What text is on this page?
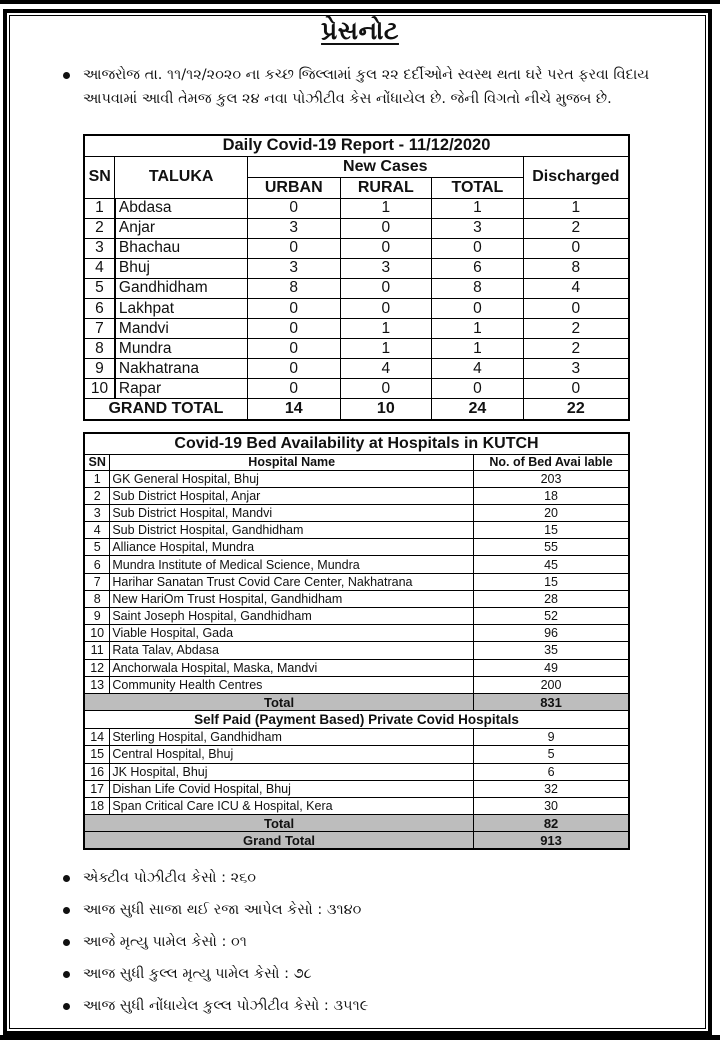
પ્રેસનોટ
આજરોજ તા. ૧૧/૧૨/૨૦૨૦ ના કચ્છ જિલ્લામાં કુલ ૨૨ દર્દીઓને સ્વસ્થ થતા ઘરે પરત ફરવા વિદાય આપવામાં આવી તેમજ કુલ ૨૪ નવા પોઝીટીવ કેસ નોંધાયેલ છે. જેની વિગતો નીચે મુજબ છે.
Daily Covid-19 Report - 11/12/2020					
SN	TALUKA	New Cases			Discharged
		URBAN	RURAL	TOTAL	
1	Abdasa	0	1	1	1
2	Anjar	3	0	3	2
3	Bhachau	0	0	0	0
4	Bhuj	3	3	6	8
5	Gandhidham	8	0	8	4
6	Lakhpat	0	0	0	0
7	Mandvi	0	1	1	2
8	Mundra	0	1	1	2
9	Nakhatrana	0	4	4	3
10	Rapar	0	0	0	0
GRAND TOTAL		14	10	24	22
Covid-19 Bed Availability at Hospitals in KUTCH		
SN	Hospital Name	No. of Bed Avai lable
1	GK General Hospital, Bhuj	203
2	Sub District Hospital, Anjar	18
3	Sub District Hospital, Mandvi	20
4	Sub District Hospital, Gandhidham	15
5	Alliance Hospital, Mundra	55
6	Mundra Institute of Medical Science, Mundra	45
7	Harihar Sanatan Trust Covid Care Center, Nakhatrana	15
8	New HariOm Trust Hospital, Gandhidham	28
9	Saint Joseph Hospital, Gandhidham	52
10	Viable Hospital, Gada	96
11	Rata Talav, Abdasa	35
12	Anchorwala Hospital, Maska, Mandvi	49
13	Community Health Centres	200
Total		831
Self Paid (Payment Based) Private Covid Hospitals		
14	Sterling Hospital, Gandhidham	9
15	Central Hospital, Bhuj	5
16	JK Hospital, Bhuj	6
17	Dishan Life Covid Hospital, Bhuj	32
18	Span Critical Care ICU & Hospital, Kera	30
Total		82
Grand Total		913
એક્ટીવ પોઝીટીવ કેસો : ૨૬૦
આજ સુધી સાજા થઈ રજા આપેલ કેસો : ૩૧૪૦
આજે મૃત્યુ પામેલ કેસો : ૦૧
આજ સુધી કુલ્લ મૃત્યુ પામેલ કેસો : ૭૮
આજ સુધી નોંધાયેલ કુલ્લ પોઝીટીવ કેસો : ૩૫૧૯
